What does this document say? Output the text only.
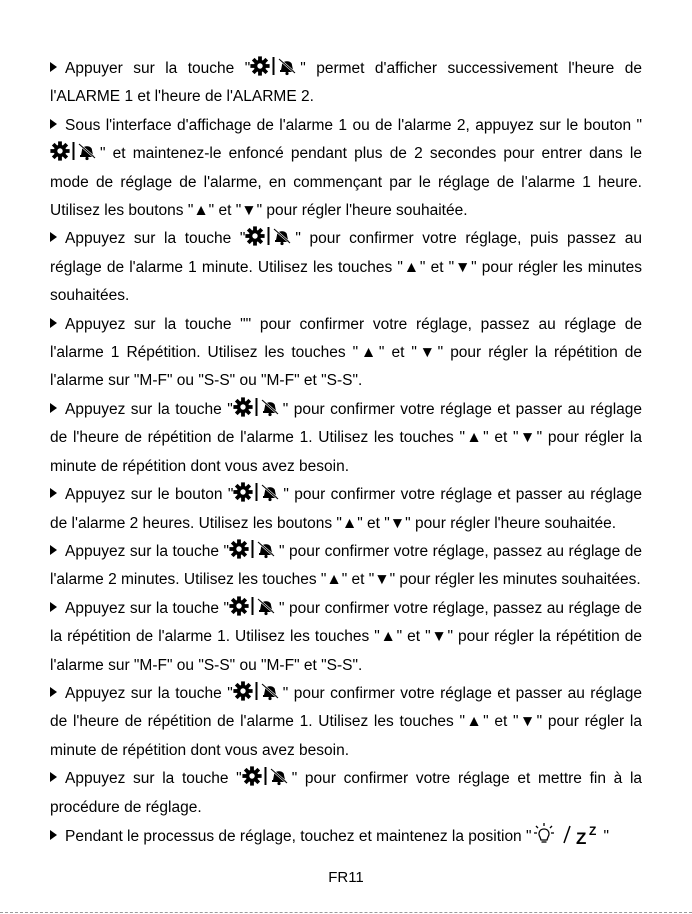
Appuyer sur la touche "	" permet d'afficher successivement l'heure de l'ALARME 1 et l'heure de l'ALARME 2.

Sous l'interface d'affichage de l'alarme 1 ou de l'alarme 2, appuyez sur le bouton "" et maintenez-le enfoncé pendant plus de 2 secondes pour entrer dans le mode de réglage de l'alarme, en commençant par le réglage de l'alarme 1 heure. Utilisez les boutons "▲" et "▼" pour régler l'heure souhaitée.

Appuyez sur la touche "	" pour confirmer votre réglage, puis passez au réglage de l'alarme 1 minute. Utilisez les touches "▲" et "▼" pour régler les minutes souhaitées.

Appuyez sur la touche "" pour confirmer votre réglage, passez au réglage de l'alarme 1 Répétition. Utilisez les touches "▲" et "▼" pour régler la répétition de l'alarme sur "M-F" ou "S-S" ou "M-F" et "S-S".

Appuyez sur la touche "	" pour confirmer votre réglage et passer au réglage de l'heure de répétition de l'alarme 1. Utilisez les touches "▲" et "▼" pour régler la minute de répétition dont vous avez besoin.

Appuyez sur le bouton "	" pour confirmer votre réglage et passer au réglage de l'alarme 2 heures. Utilisez les boutons "▲" et "▼" pour régler l'heure souhaitée.

Appuyez sur la touche "	" pour confirmer votre réglage, passez au réglage de l'alarme 2 minutes. Utilisez les touches "▲" et "▼" pour régler les minutes souhaitées.

Appuyez sur la touche "	" pour confirmer votre réglage, passez au réglage de la répétition de l'alarme 1. Utilisez les touches "▲" et "▼" pour régler la répétition de l'alarme sur "M-F" ou "S-S" ou "M-F" et "S-S".

Appuyez sur la touche "	" pour confirmer votre réglage et passer au réglage de l'heure de répétition de l'alarme 1. Utilisez les touches "▲" et "▼" pour régler la minute de répétition dont vous avez besoin.

Appuyez sur la touche "	" pour confirmer votre réglage et mettre fin à la procédure de réglage.

Pendant le processus de réglage, touchez et maintenez la position "	Z Z "

FR11
